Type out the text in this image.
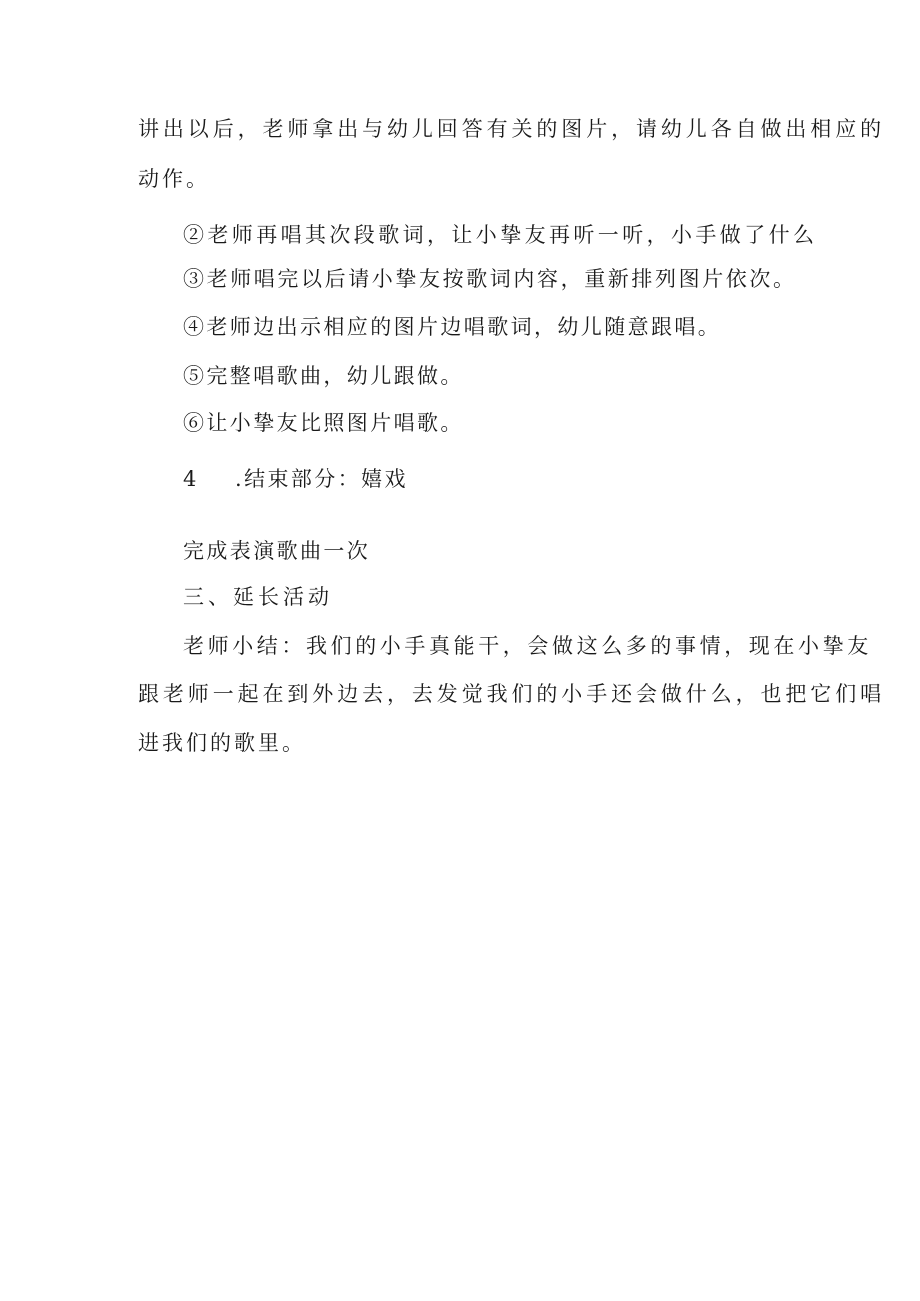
讲出以后，老师拿出与幼儿回答有关的图片，请幼儿各自做出相应的
动作。
②老师再唱其次段歌词，让小挚友再听一听，小手做了什么
③老师唱完以后请小挚友按歌词内容，重新排列图片依次。
④老师边出示相应的图片边唱歌词，幼儿随意跟唱。
⑤完整唱歌曲，幼儿跟做。
⑥让小挚友比照图片唱歌。
4 .结束部分：嬉戏
完成表演歌曲一次
三、延长活动
老师小结：我们的小手真能干，会做这么多的事情，现在小挚友
跟老师一起在到外边去，去发觉我们的小手还会做什么，也把它们唱
进我们的歌里。
